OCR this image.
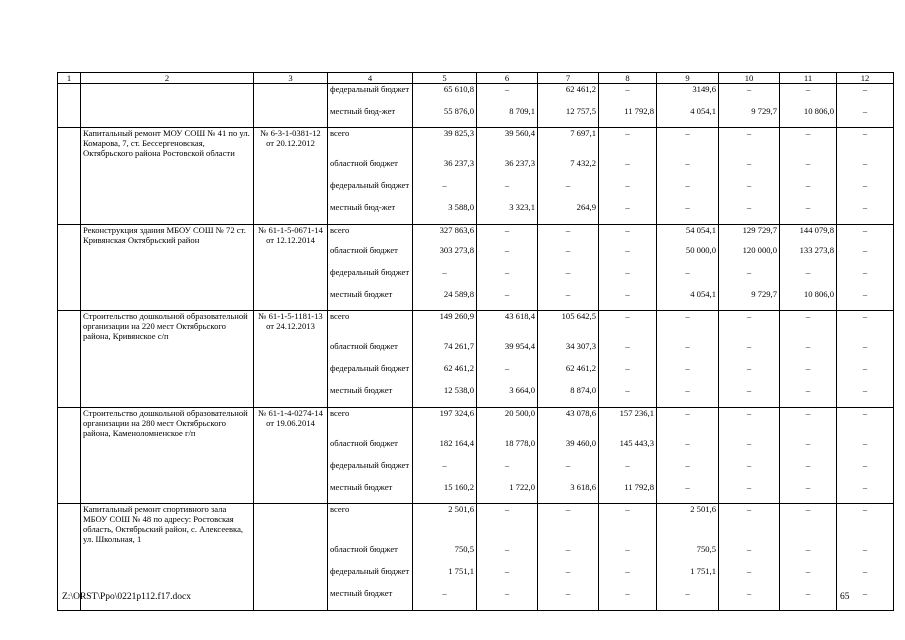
1	2	3	4	5	6	7	8	9	10	11	12
			федеральный бюджет	65 610,8	–	62 461,2	–	3149,6	–	–	–
			местный бюд-жет	55 876,0	8 709,1	12 757,5	11 792,8	4 054,1	9 729,7	10 806,0	–
	Капитальный ремонт МОУ СОШ № 41 по ул. Комарова, 7, ст. Бессергеновская, Октябрьского района Ростовской области	№ 6-3-1-0381-12 от 20.12.2012	всего	39 825,3	39 560,4	7 697,1	–	–	–	–	–
			областной бюджет	36 237,3	36 237,3	7 432,2	–	–	–	–	–
			федеральный бюджет	–	–	–	–	–	–	–	–
			местный бюд-жет	3 588,0	3 323,1	264,9	–	–	–	–	–
	Реконструкция здания МБОУ СОШ № 72 ст. Кривянская Октябрьский район	№ 61-1-5-0671-14 от 12.12.2014	всего	327 863,6	–	–	–	54 054,1	129 729,7	144 079,8	–
			областной бюджет	303 273,8	–	–	–	50 000,0	120 000,0	133 273,8	–
			федеральный бюджет	–	–	–	–	–	–	–	–
			местный бюджет	24 589,8	–	–	–	4 054,1	9 729,7	10 806,0	–
	Строительство дошкольной образовательной организации на 220 мест Октябрьского района, Кривянское с/п	№ 61-1-5-1181-13 от 24.12.2013	всего	149 260,9	43 618,4	105 642,5	–	–	–	–	–
			областной бюджет	74 261,7	39 954,4	34 307,3	–	–	–	–	–
			федеральный бюджет	62 461,2	–	62 461,2	–	–	–	–	–
			местный бюджет	12 538,0	3 664,0	8 874,0	–	–	–	–	–
	Строительство дошкольной образовательной организации на 280 мест Октябрьского района, Каменоломненское г/п	№ 61-1-4-0274-14 от 19.06.2014	всего	197 324,6	20 500,0	43 078,6	157 236,1	–	–	–	–
			областной бюджет	182 164,4	18 778,0	39 460,0	145 443,3	–	–	–	–
			федеральный бюджет	–	–	–	–	–	–	–	–
			местный бюджет	15 160,2	1 722,0	3 618,6	11 792,8	–	–	–	–
	Капитальный ремонт спортивного зала МБОУ СОШ № 48 по адресу: Ростовская область, Октябрьский район, с. Алексеевка, ул. Школьная, 1		всего	2 501,6	–	–	–	2 501,6	–	–	–
			областной бюджет	750,5	–	–	–	750,5	–	–	–
			федеральный бюджет	1 751,1	–	–	–	1 751,1	–	–	–
			местный бюджет	–	–	–	–	–	–	–	–
Z:\ORST\Ppo\0221p112.f17.docx	65
